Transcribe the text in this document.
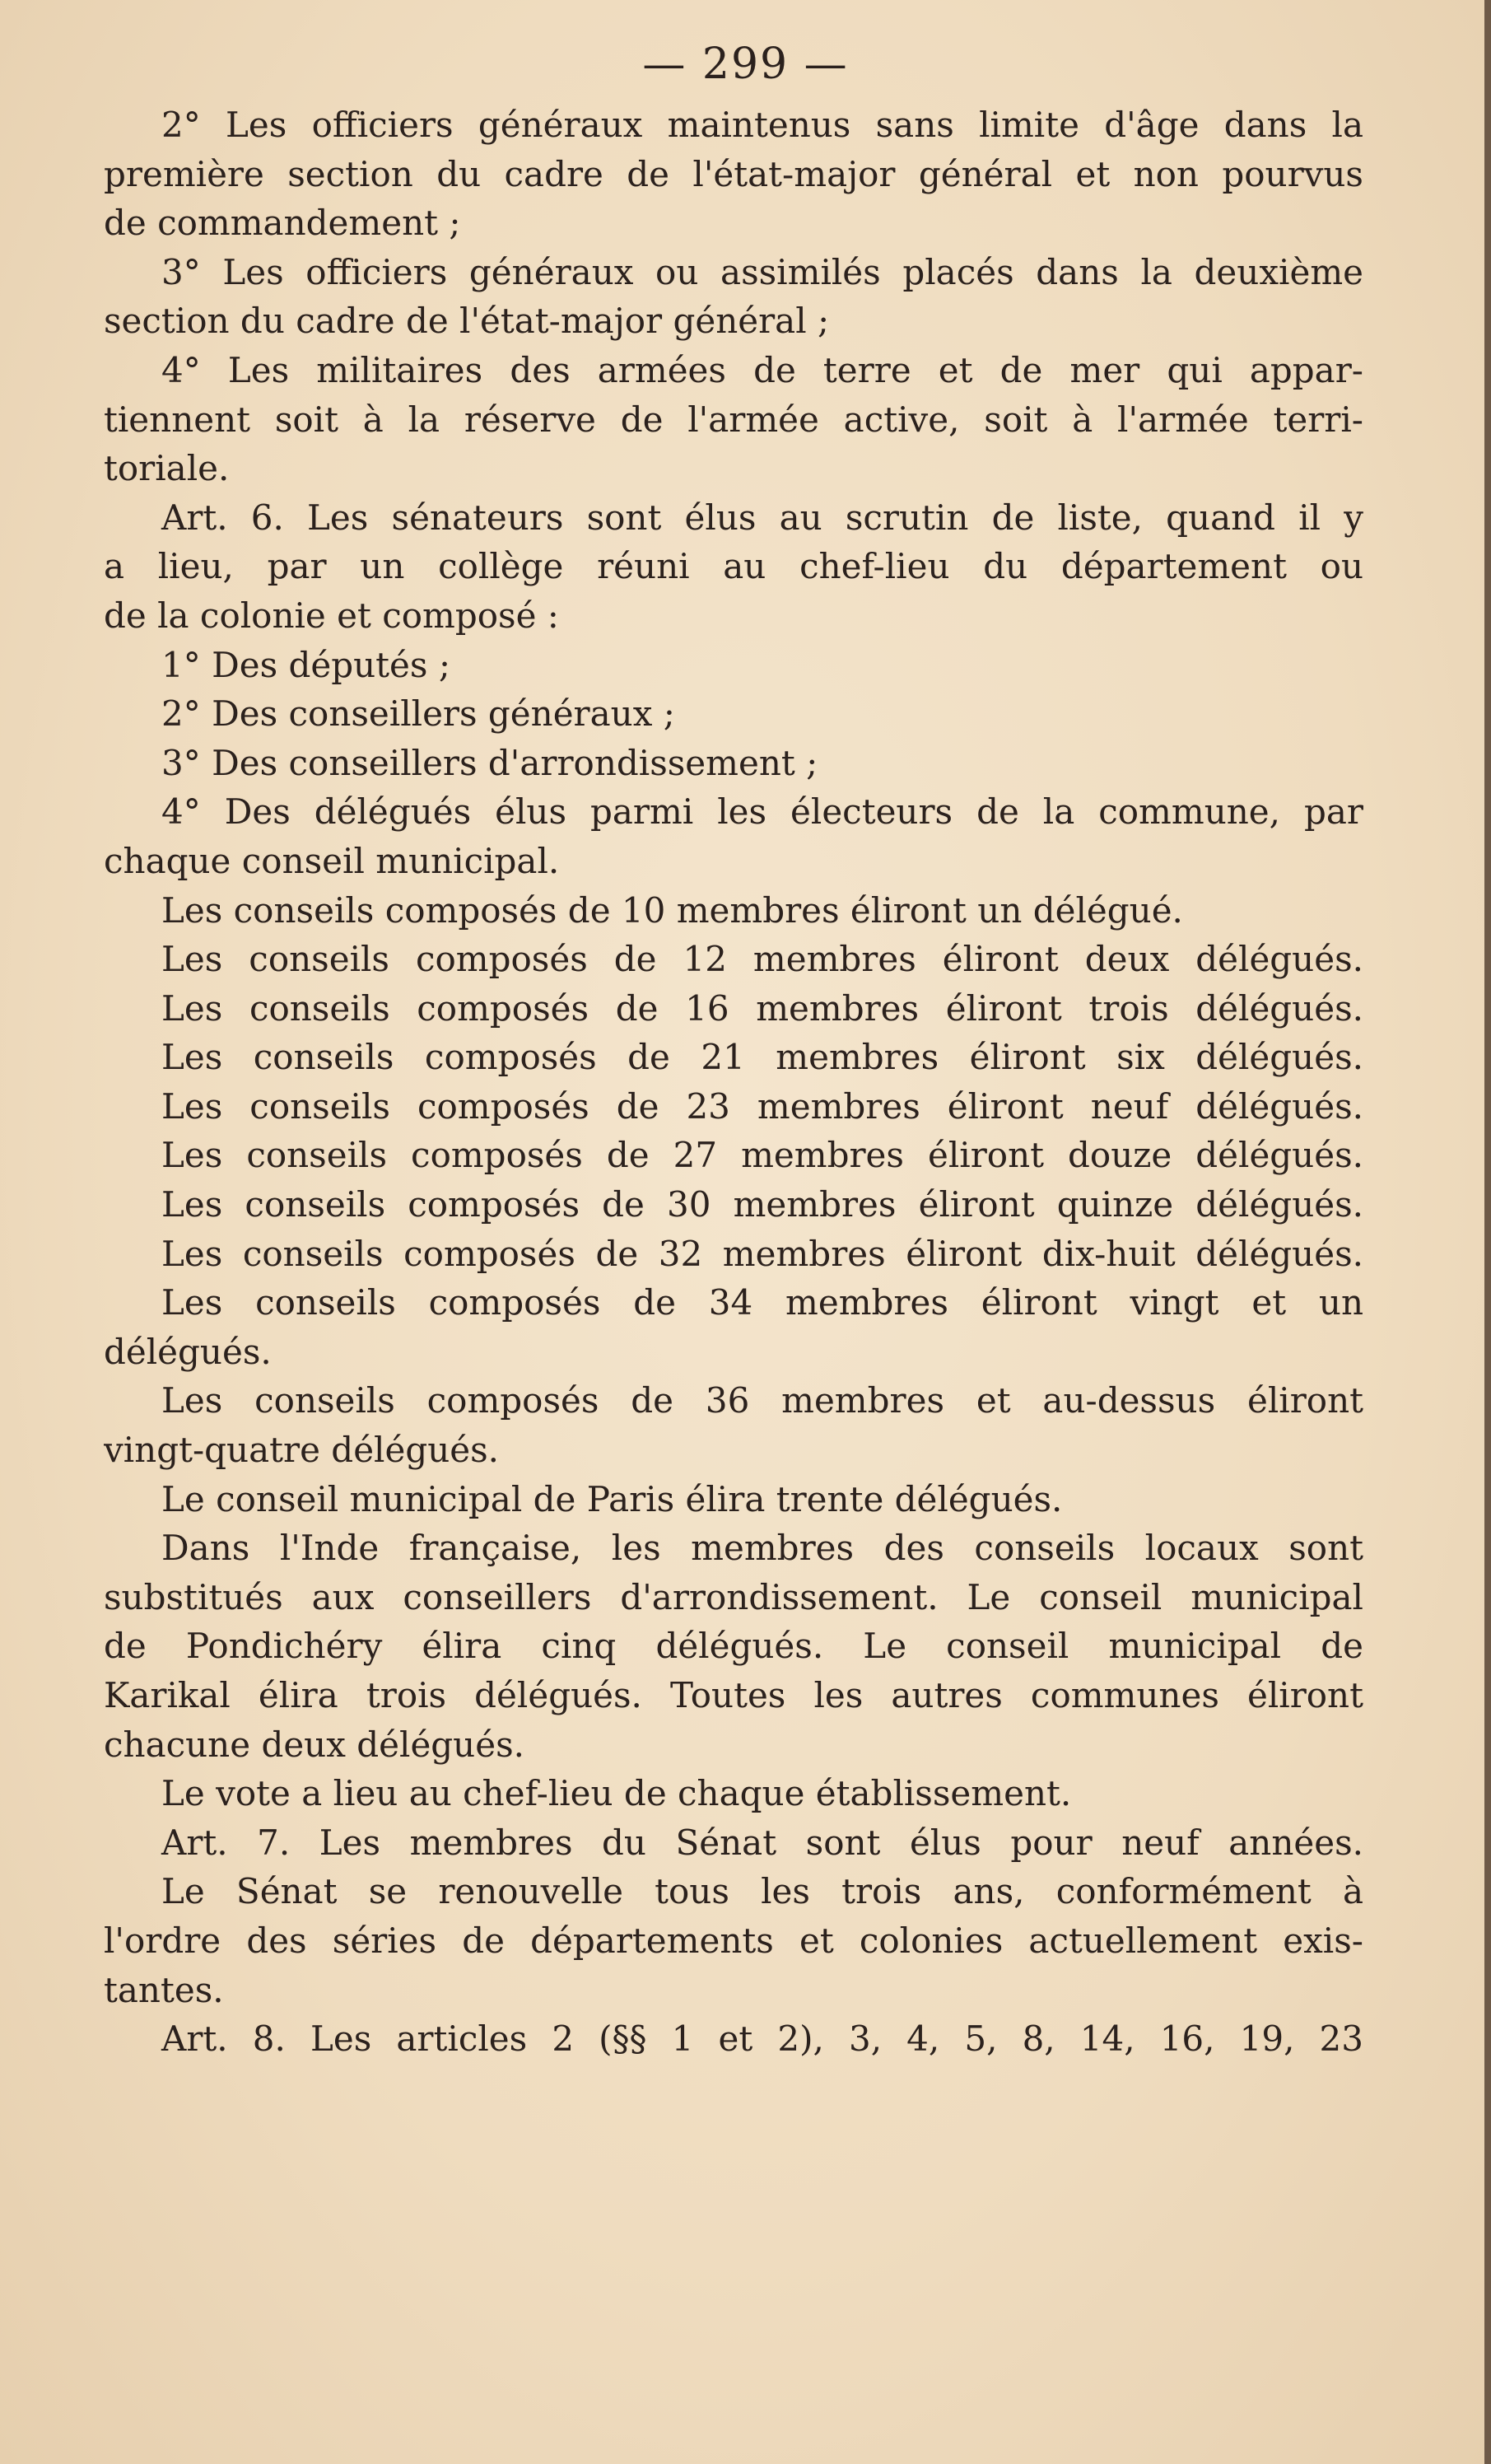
— 299 —
2° Les officiers généraux maintenus sans limite d'âge dans la
première section du cadre de l'état-major général et non pourvus
de commandement ;
3° Les officiers généraux ou assimilés placés dans la deuxième
section du cadre de l'état-major général ;
4° Les militaires des armées de terre et de mer qui appar-
tiennent soit à la réserve de l'armée active, soit à l'armée terri-
toriale.
Art. 6. Les sénateurs sont élus au scrutin de liste, quand il y
a lieu, par un collège réuni au chef-lieu du département ou
de la colonie et composé :
1° Des députés ;
2° Des conseillers généraux ;
3° Des conseillers d'arrondissement ;
4° Des délégués élus parmi les électeurs de la commune, par
chaque conseil municipal.
Les conseils composés de 10 membres éliront un délégué.
Les conseils composés de 12 membres éliront deux délégués.
Les conseils composés de 16 membres éliront trois délégués.
Les conseils composés de 21 membres éliront six délégués.
Les conseils composés de 23 membres éliront neuf délégués.
Les conseils composés de 27 membres éliront douze délégués.
Les conseils composés de 30 membres éliront quinze délégués.
Les conseils composés de 32 membres éliront dix-huit délégués.
Les conseils composés de 34 membres éliront vingt et un
délégués.
Les conseils composés de 36 membres et au-dessus éliront
vingt-quatre délégués.
Le conseil municipal de Paris élira trente délégués.
Dans l'Inde française, les membres des conseils locaux sont
substitués aux conseillers d'arrondissement. Le conseil municipal
de Pondichéry élira cinq délégués. Le conseil municipal de
Karikal élira trois délégués. Toutes les autres communes éliront
chacune deux délégués.
Le vote a lieu au chef-lieu de chaque établissement.
Art. 7. Les membres du Sénat sont élus pour neuf années.
Le Sénat se renouvelle tous les trois ans, conformément à
l'ordre des séries de départements et colonies actuellement exis-
tantes.
Art. 8. Les articles 2 (§§ 1 et 2), 3, 4, 5, 8, 14, 16, 19, 23
